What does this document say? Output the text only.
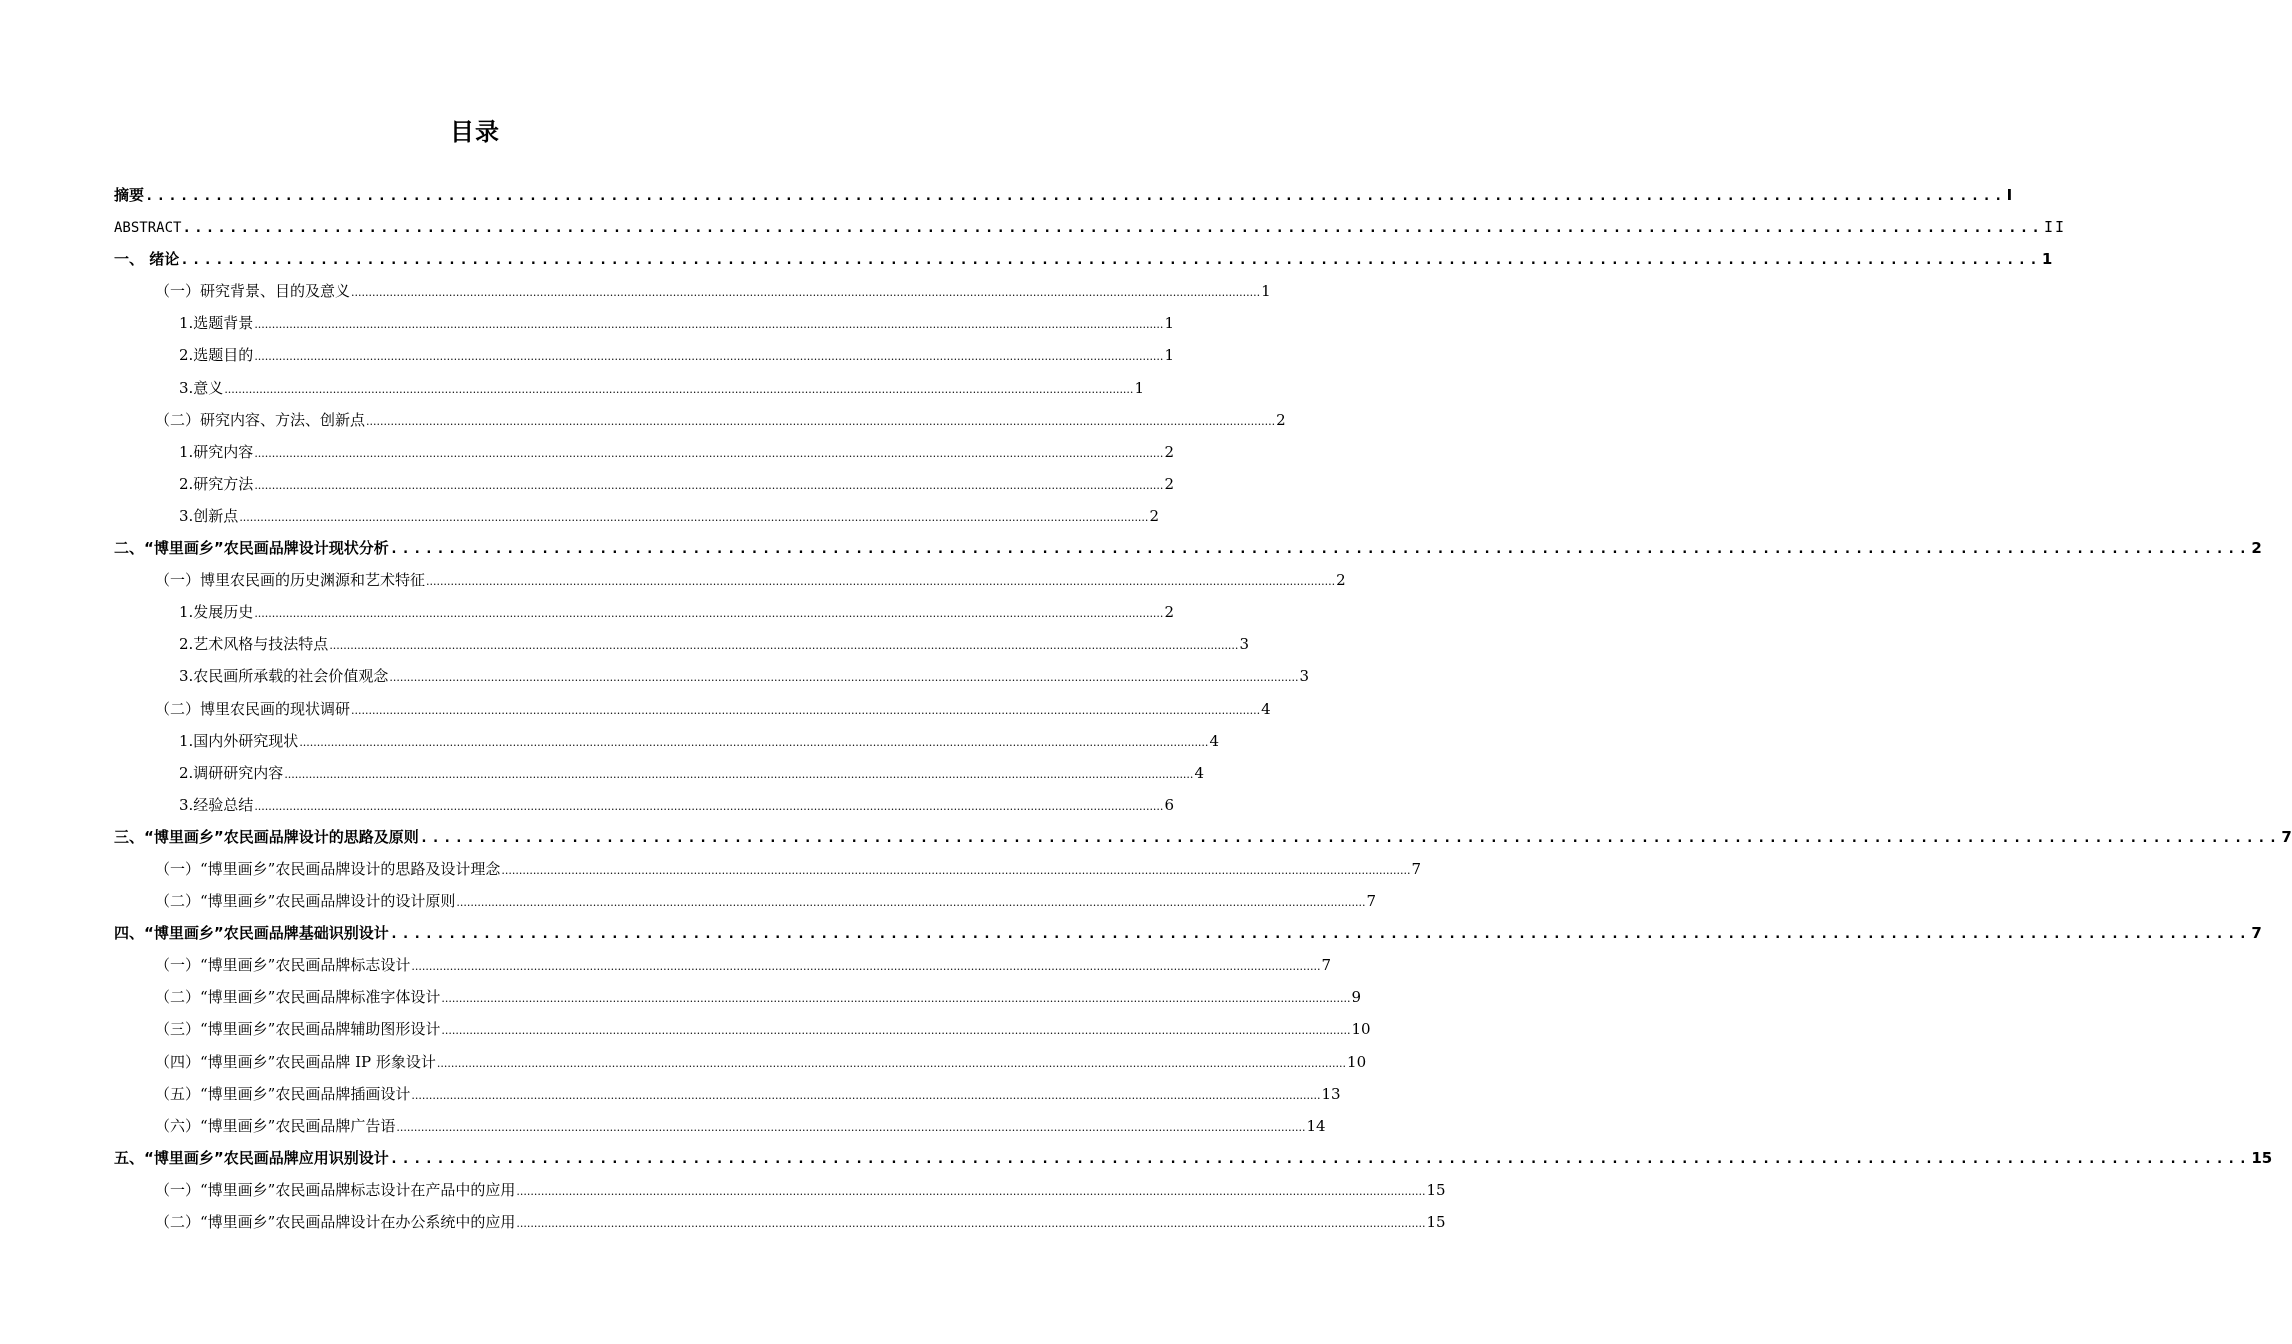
目录
摘要 ................................................................................................................................................................ I
ABSTRACT ................................................................................................................................................................ II
一、 绪论 ................................................................................................................................................................ 1
（一）研究背景、目的及意义 .................................................................................................................................................................................................................................................................... 1
1.选题背景 .................................................................................................................................................................................................................................................................... 1
2.选题目的 .................................................................................................................................................................................................................................................................... 1
3.意义 .................................................................................................................................................................................................................................................................... 1
（二）研究内容、方法、创新点 .................................................................................................................................................................................................................................................................... 2
1.研究内容 .................................................................................................................................................................................................................................................................... 2
2.研究方法 .................................................................................................................................................................................................................................................................... 2
3.创新点 .................................................................................................................................................................................................................................................................... 2
二、“博里画乡”农民画品牌设计现状分析 ................................................................................................................................................................ 2
（一）博里农民画的历史渊源和艺术特征 .................................................................................................................................................................................................................................................................... 2
1.发展历史 .................................................................................................................................................................................................................................................................... 2
2.艺术风格与技法特点 .................................................................................................................................................................................................................................................................... 3
3.农民画所承载的社会价值观念 .................................................................................................................................................................................................................................................................... 3
（二）博里农民画的现状调研 .................................................................................................................................................................................................................................................................... 4
1.国内外研究现状 .................................................................................................................................................................................................................................................................... 4
2.调研研究内容 .................................................................................................................................................................................................................................................................... 4
3.经验总结 .................................................................................................................................................................................................................................................................... 6
三、“博里画乡”农民画品牌设计的思路及原则 ................................................................................................................................................................ 7
（一）“博里画乡”农民画品牌设计的思路及设计理念 .................................................................................................................................................................................................................................................................... 7
（二）“博里画乡”农民画品牌设计的设计原则 .................................................................................................................................................................................................................................................................... 7
四、“博里画乡”农民画品牌基础识别设计 ................................................................................................................................................................ 7
（一）“博里画乡”农民画品牌标志设计 .................................................................................................................................................................................................................................................................... 7
（二）“博里画乡”农民画品牌标准字体设计 .................................................................................................................................................................................................................................................................... 9
（三）“博里画乡”农民画品牌辅助图形设计 .................................................................................................................................................................................................................................................................... 10
（四）“博里画乡”农民画品牌 IP 形象设计 .................................................................................................................................................................................................................................................................... 10
（五）“博里画乡”农民画品牌插画设计 .................................................................................................................................................................................................................................................................... 13
（六）“博里画乡”农民画品牌广告语 .................................................................................................................................................................................................................................................................... 14
五、“博里画乡”农民画品牌应用识别设计 ................................................................................................................................................................ 15
（一）“博里画乡”农民画品牌标志设计在产品中的应用 .................................................................................................................................................................................................................................................................... 15
（二）“博里画乡”农民画品牌设计在办公系统中的应用 .................................................................................................................................................................................................................................................................... 15
